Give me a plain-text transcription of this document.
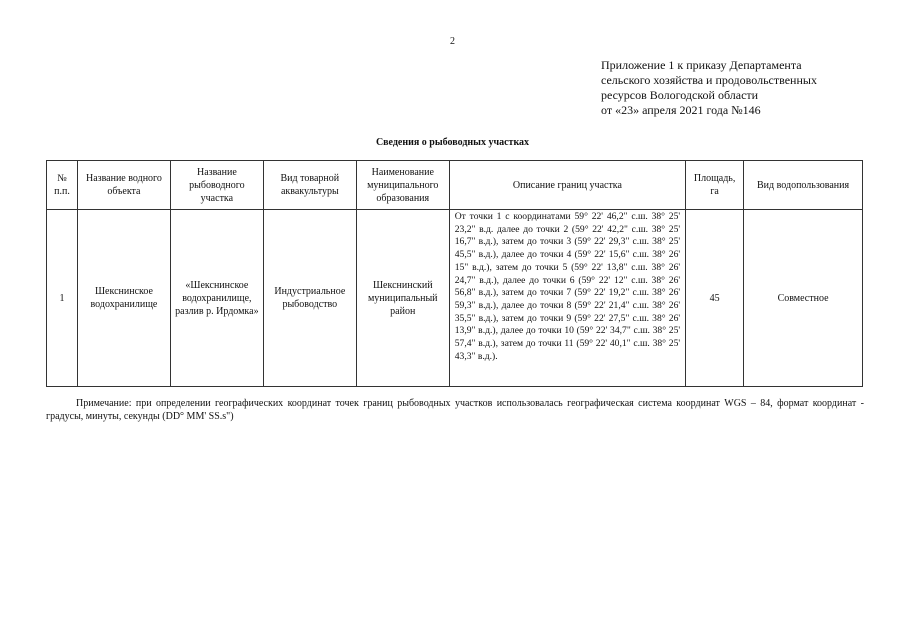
2
Приложение 1 к приказу Департамента
сельского хозяйства и продовольственных
ресурсов Вологодской области
от «23» апреля 2021 года №146
Сведения о рыбоводных участках
№ п.п.	Название водного объекта	Название рыбоводного участка	Вид товарной аквакультуры	Наименование муниципального образования	Описание границ участка	Площадь, га	Вид водопользования
1	Шекснинское водохранилище	«Шекснинское водохранилище, разлив р. Ирдомка»	Индустриальное рыбоводство	Шекснинский муниципальный район	От точки 1 с координатами 59° 22' 46,2" с.ш. 38° 25' 23,2" в.д. далее до точки 2 (59° 22' 42,2" с.ш. 38° 25' 16,7" в.д.), затем до точки 3 (59° 22' 29,3" с.ш. 38° 25' 45,5" в.д.), далее до точки 4 (59° 22' 15,6" с.ш. 38° 26' 15" в.д.), затем до точки 5 (59° 22' 13,8" с.ш. 38° 26' 24,7" в.д.), далее до точки 6 (59° 22' 12" с.ш. 38° 26' 56,8" в.д.), затем до точки 7 (59° 22' 19,2" с.ш. 38° 26' 59,3" в.д.), далее до точки 8 (59° 22' 21,4" с.ш. 38° 26' 35,5" в.д.), затем до точки 9 (59° 22' 27,5" с.ш. 38° 26' 13,9" в.д.), далее до точки 10 (59° 22' 34,7" с.ш. 38° 25' 57,4" в.д.), затем до точки 11 (59° 22' 40,1" с.ш. 38° 25' 43,3" в.д.).	45	Совместное
Примечание: при определении географических координат точек границ рыбоводных участков использовалась географическая система координат WGS – 84, формат координат - градусы, минуты, секунды (DD° MM' SS.s")
